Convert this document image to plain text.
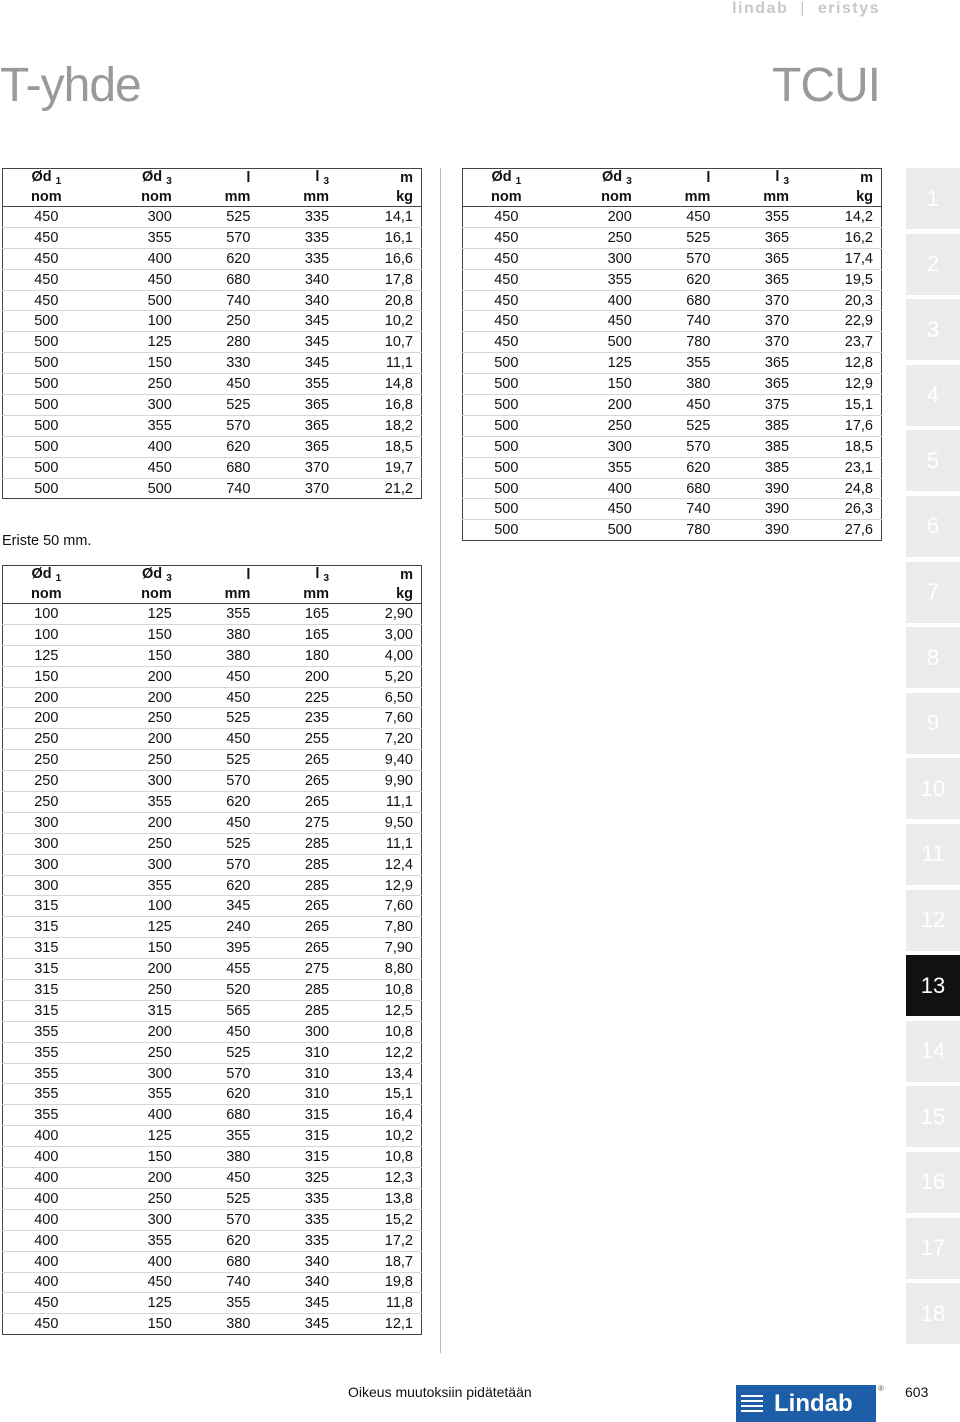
lindab | eristys
T-yhde	TCUI
Ød $_1$	Ød $_3$	l	l $_3$	m
nom	nom	mm	mm	kg
450	300	525	335	14,1
450	355	570	335	16,1
450	400	620	335	16,6
450	450	680	340	17,8
450	500	740	340	20,8
500	100	250	345	10,2
500	125	280	345	10,7
500	150	330	345	11,1
500	250	450	355	14,8
500	300	525	365	16,8
500	355	570	365	18,2
500	400	620	365	18,5
500	450	680	370	19,7
500	500	740	370	21,2
Ød $_1$	Ød $_3$	l	l $_3$	m
nom	nom	mm	mm	kg
450	200	450	355	14,2
450	250	525	365	16,2
450	300	570	365	17,4
450	355	620	365	19,5
450	400	680	370	20,3
450	450	740	370	22,9
450	500	780	370	23,7
500	125	355	365	12,8
500	150	380	365	12,9
500	200	450	375	15,1
500	250	525	385	17,6
500	300	570	385	18,5
500	355	620	385	23,1
500	400	680	390	24,8
500	450	740	390	26,3
500	500	780	390	27,6
Eriste 50 mm.
Ød $_1$	Ød $_3$	l	l $_3$	m
nom	nom	mm	mm	kg
100	125	355	165	2,90
100	150	380	165	3,00
125	150	380	180	4,00
150	200	450	200	5,20
200	200	450	225	6,50
200	250	525	235	7,60
250	200	450	255	7,20
250	250	525	265	9,40
250	300	570	265	9,90
250	355	620	265	11,1
300	200	450	275	9,50
300	250	525	285	11,1
300	300	570	285	12,4
300	355	620	285	12,9
315	100	345	265	7,60
315	125	240	265	7,80
315	150	395	265	7,90
315	200	455	275	8,80
315	250	520	285	10,8
315	315	565	285	12,5
355	200	450	300	10,8
355	250	525	310	12,2
355	300	570	310	13,4
355	355	620	310	15,1
355	400	680	315	16,4
400	125	355	315	10,2
400	150	380	315	10,8
400	200	450	325	12,3
400	250	525	335	13,8
400	300	570	335	15,2
400	355	620	335	17,2
400	400	680	340	18,7
400	450	740	340	19,8
450	125	355	345	11,8
450	150	380	345	12,1
1
2
3
4
5
6
7
8
9
10
11
12
13
14
15
16
17
18
Oikeus muutoksiin pidätetään	Lindab
® 603
